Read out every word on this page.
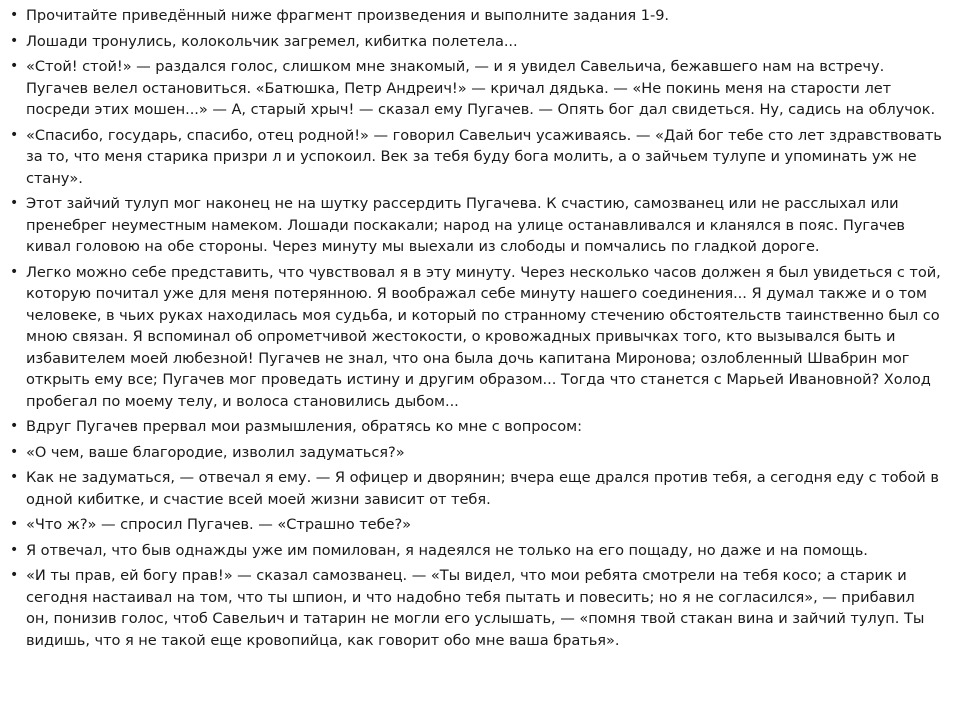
• Прочитайте приведённый ниже фрагмент произведения и выполните задания 1-9.
• Лошади тронулись, колокольчик загремел, кибитка полетела...
• «Стой! стой!» — раздался голос, слишком мне знакомый, — и я увидел Савельича, бежавшего нам на встречу. Пугачев велел остановиться. «Батюшка, Петр Андреич!» — кричал дядька. — «Не покинь меня на старости лет посреди этих мошен...» — А, старый хрыч! — сказал ему Пугачев. — Опять бог дал свидеться. Ну, садись на облучок.
• «Спасибо, государь, спасибо, отец родной!» — говорил Савельич усаживаясь. — «Дай бог тебе сто лет здравствовать за то, что меня старика призри л и успокоил. Век за тебя буду бога молить, а о зайчьем тулупе и упоминать уж не стану».
• Этот зайчий тулуп мог наконец не на шутку рассердить Пугачева. К счастию, самозванец или не расслыхал или пренебрег неуместным намеком. Лошади поскакали; народ на улице останавливался и кланялся в пояс. Пугачев кивал головою на обе стороны. Через минуту мы выехали из слободы и помчались по гладкой дороге.
• Легко можно себе представить, что чувствовал я в эту минуту. Через несколько часов должен я был увидеться с той, которую почитал уже для меня потерянною. Я воображал себе минуту нашего соединения... Я думал также и о том человеке, в чьих руках находилась моя судьба, и который по странному стечению обстоятельств таинственно был со мною связан. Я вспоминал об опрометчивой жестокости, о кровожадных привычках того, кто вызывался быть и избавителем моей любезной! Пугачев не знал, что она была дочь капитана Миронова; озлобленный Швабрин мог открыть ему все; Пугачев мог проведать истину и другим образом... Тогда что станется с Марьей Ивановной? Холод пробегал по моему телу, и волоса становились дыбом...
• Вдруг Пугачев прервал мои размышления, обратясь ко мне с вопросом:
• «О чем, ваше благородие, изволил задуматься?»
• Как не задуматься, — отвечал я ему. — Я офицер и дворянин; вчера еще дрался против тебя, а сегодня еду с тобой в одной кибитке, и счастие всей моей жизни зависит от тебя.
• «Что ж?» — спросил Пугачев. — «Страшно тебе?»
• Я отвечал, что быв однажды уже им помилован, я надеялся не только на его пощаду, но даже и на помощь.
• «И ты прав, ей богу прав!» — сказал самозванец. — «Ты видел, что мои ребята смотрели на тебя косо; а старик и сегодня настаивал на том, что ты шпион, и что надобно тебя пытать и повесить; но я не согласился», — прибавил он, понизив голос, чтоб Савельич и татарин не могли его услышать, — «помня твой стакан вина и зайчий тулуп. Ты видишь, что я не такой еще кровопийца, как говорит обо мне ваша братья».
